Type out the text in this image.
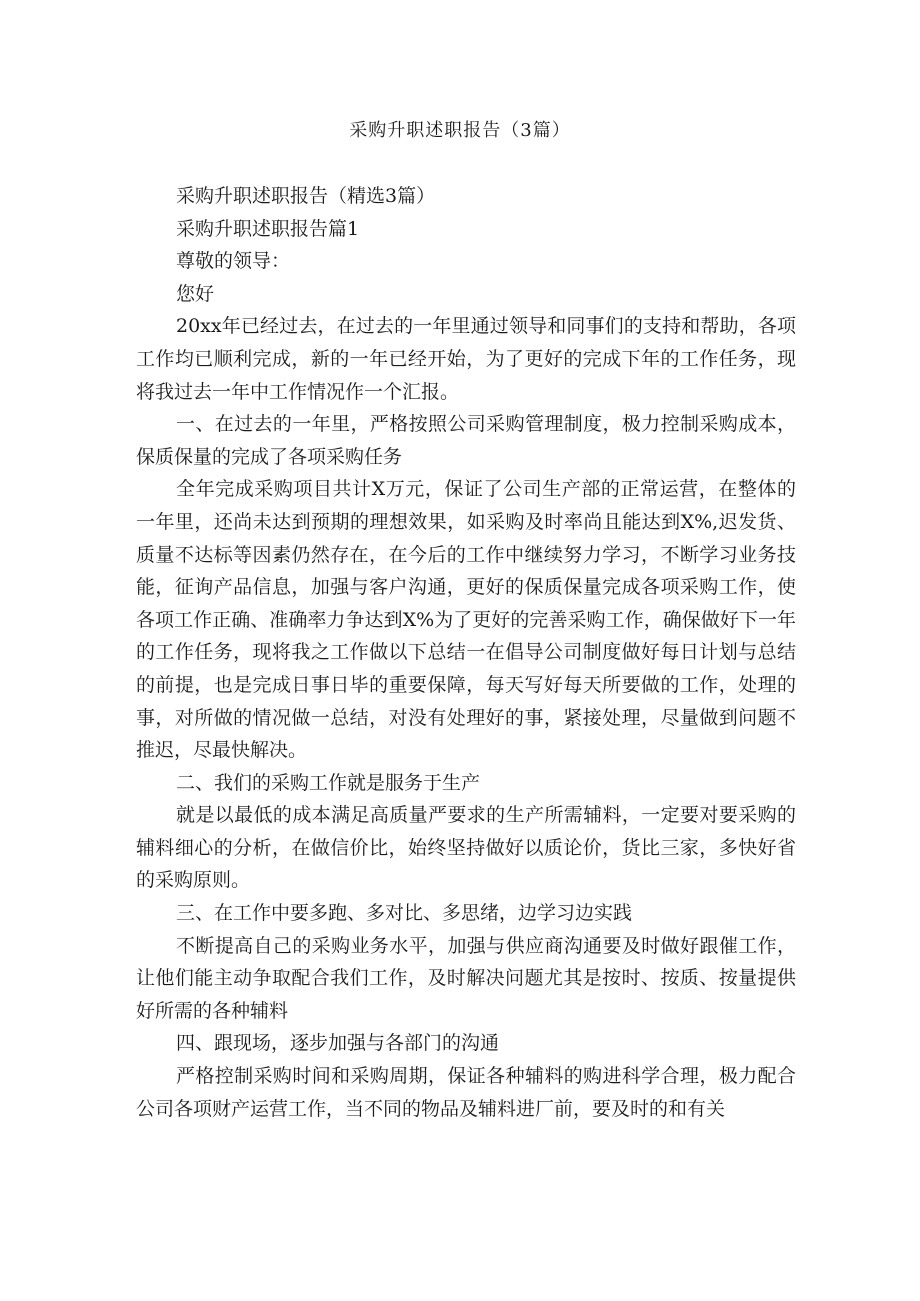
采购升职述职报告（3篇）

采购升职述职报告（精选3篇）

采购升职述职报告篇1

尊敬的领导：

您好

20xx年已经过去，在过去的一年里通过领导和同事们的支持和帮助，各项工作均已顺利完成，新的一年已经开始，为了更好的完成下年的工作任务，现将我过去一年中工作情况作一个汇报。

一、在过去的一年里，严格按照公司采购管理制度，极力控制采购成本，保质保量的完成了各项采购任务

全年完成采购项目共计X万元，保证了公司生产部的正常运营，在整体的一年里，还尚未达到预期的理想效果，如采购及时率尚且能达到X%,迟发货、质量不达标等因素仍然存在，在今后的工作中继续努力学习，不断学习业务技能，征询产品信息，加强与客户沟通，更好的保质保量完成各项采购工作，使各项工作正确、准确率力争达到X%为了更好的完善采购工作，确保做好下一年的工作任务，现将我之工作做以下总结一在倡导公司制度做好每日计划与总结的前提，也是完成日事日毕的重要保障，每天写好每天所要做的工作，处理的事，对所做的情况做一总结，对没有处理好的事，紧接处理，尽量做到问题不推迟，尽最快解决。

二、我们的采购工作就是服务于生产

就是以最低的成本满足高质量严要求的生产所需辅料，一定要对要采购的辅料细心的分析，在做信价比，始终坚持做好以质论价，货比三家，多快好省的采购原则。

三、在工作中要多跑、多对比、多思绪，边学习边实践

不断提高自己的采购业务水平，加强与供应商沟通要及时做好跟催工作，让他们能主动争取配合我们工作，及时解决问题尤其是按时、按质、按量提供好所需的各种辅料

四、跟现场，逐步加强与各部门的沟通

严格控制采购时间和采购周期，保证各种辅料的购进科学合理，极力配合公司各项财产运营工作，当不同的物品及辅料进厂前，要及时的和有关
